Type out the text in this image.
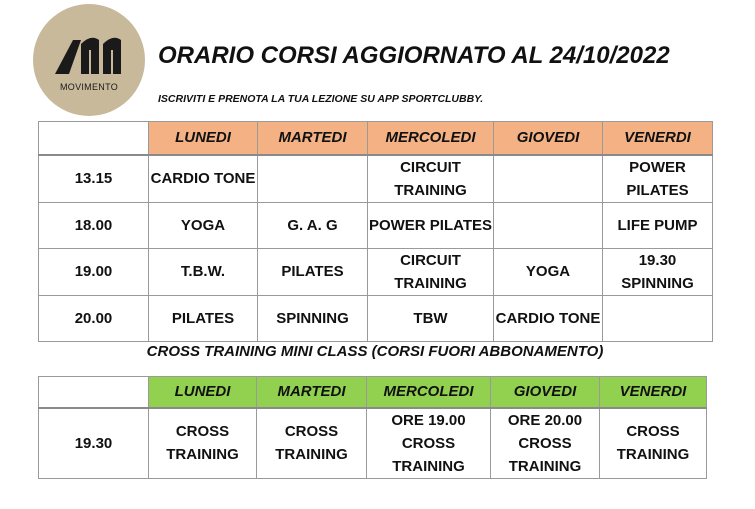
MOVIMENTO
ORARIO CORSI AGGIORNATO AL 24/10/2022
ISCRIVITI E PRENOTA LA TUA LEZIONE SU APP SPORTCLUBBY.
	LUNEDI	MARTEDI	MERCOLEDI	GIOVEDI	VENERDI
13.15	CARDIO TONE		CIRCUIT TRAINING		POWER PILATES
18.00	YOGA	G. A. G	POWER PILATES		LIFE PUMP
19.00	T.B.W.	PILATES	CIRCUIT TRAINING	YOGA	19.30 SPINNING
20.00	PILATES	SPINNING	TBW	CARDIO TONE	
CROSS TRAINING MINI CLASS (CORSI FUORI ABBONAMENTO)
	LUNEDI	MARTEDI	MERCOLEDI	GIOVEDI	VENERDI
19.30	CROSS TRAINING	CROSS TRAINING	ORE 19.00 CROSS TRAINING	ORE 20.00 CROSS TRAINING	CROSS TRAINING
